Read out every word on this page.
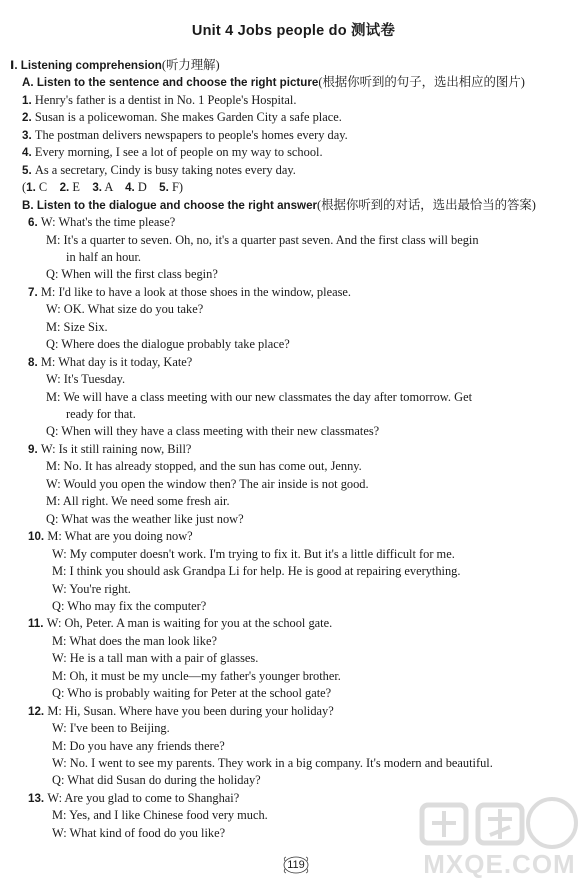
Unit 4 Jobs people do 测试卷
Ⅰ. Listening comprehension(听力理解)
A. Listen to the sentence and choose the right picture(根据你听到的句子，选出相应的图片)
1. Henry's father is a dentist in No. 1 People's Hospital.
2. Susan is a policewoman. She makes Garden City a safe place.
3. The postman delivers newspapers to people's homes every day.
4. Every morning, I see a lot of people on my way to school.
5. As a secretary, Cindy is busy taking notes every day.
(1. C　2. E　3. A　4. D　5. F)
B. Listen to the dialogue and choose the right answer(根据你听到的对话，选出最恰当的答案)
6. W: What's the time please?
M: It's a quarter to seven. Oh, no, it's a quarter past seven. And the first class will begin
in half an hour.
Q: When will the first class begin?
7. M: I'd like to have a look at those shoes in the window, please.
W: OK. What size do you take?
M: Size Six.
Q: Where does the dialogue probably take place?
8. M: What day is it today, Kate?
W: It's Tuesday.
M: We will have a class meeting with our new classmates the day after tomorrow. Get
ready for that.
Q: When will they have a class meeting with their new classmates?
9. W: Is it still raining now, Bill?
M: No. It has already stopped, and the sun has come out, Jenny.
W: Would you open the window then? The air inside is not good.
M: All right. We need some fresh air.
Q: What was the weather like just now?
10. M: What are you doing now?
W: My computer doesn't work. I'm trying to fix it. But it's a little difficult for me.
M: I think you should ask Grandpa Li for help. He is good at repairing everything.
W: You're right.
Q: Who may fix the computer?
11. W: Oh, Peter. A man is waiting for you at the school gate.
M: What does the man look like?
W: He is a tall man with a pair of glasses.
M: Oh, it must be my uncle—my father's younger brother.
Q: Who is probably waiting for Peter at the school gate?
12. M: Hi, Susan. Where have you been during your holiday?
W: I've been to Beijing.
M: Do you have any friends there?
W: No. I went to see my parents. They work in a big company. It's modern and beautiful.
Q: What did Susan do during the holiday?
13. W: Are you glad to come to Shanghai?
M: Yes, and I like Chinese food very much.
W: What kind of food do you like?
119	MXQE.COM
